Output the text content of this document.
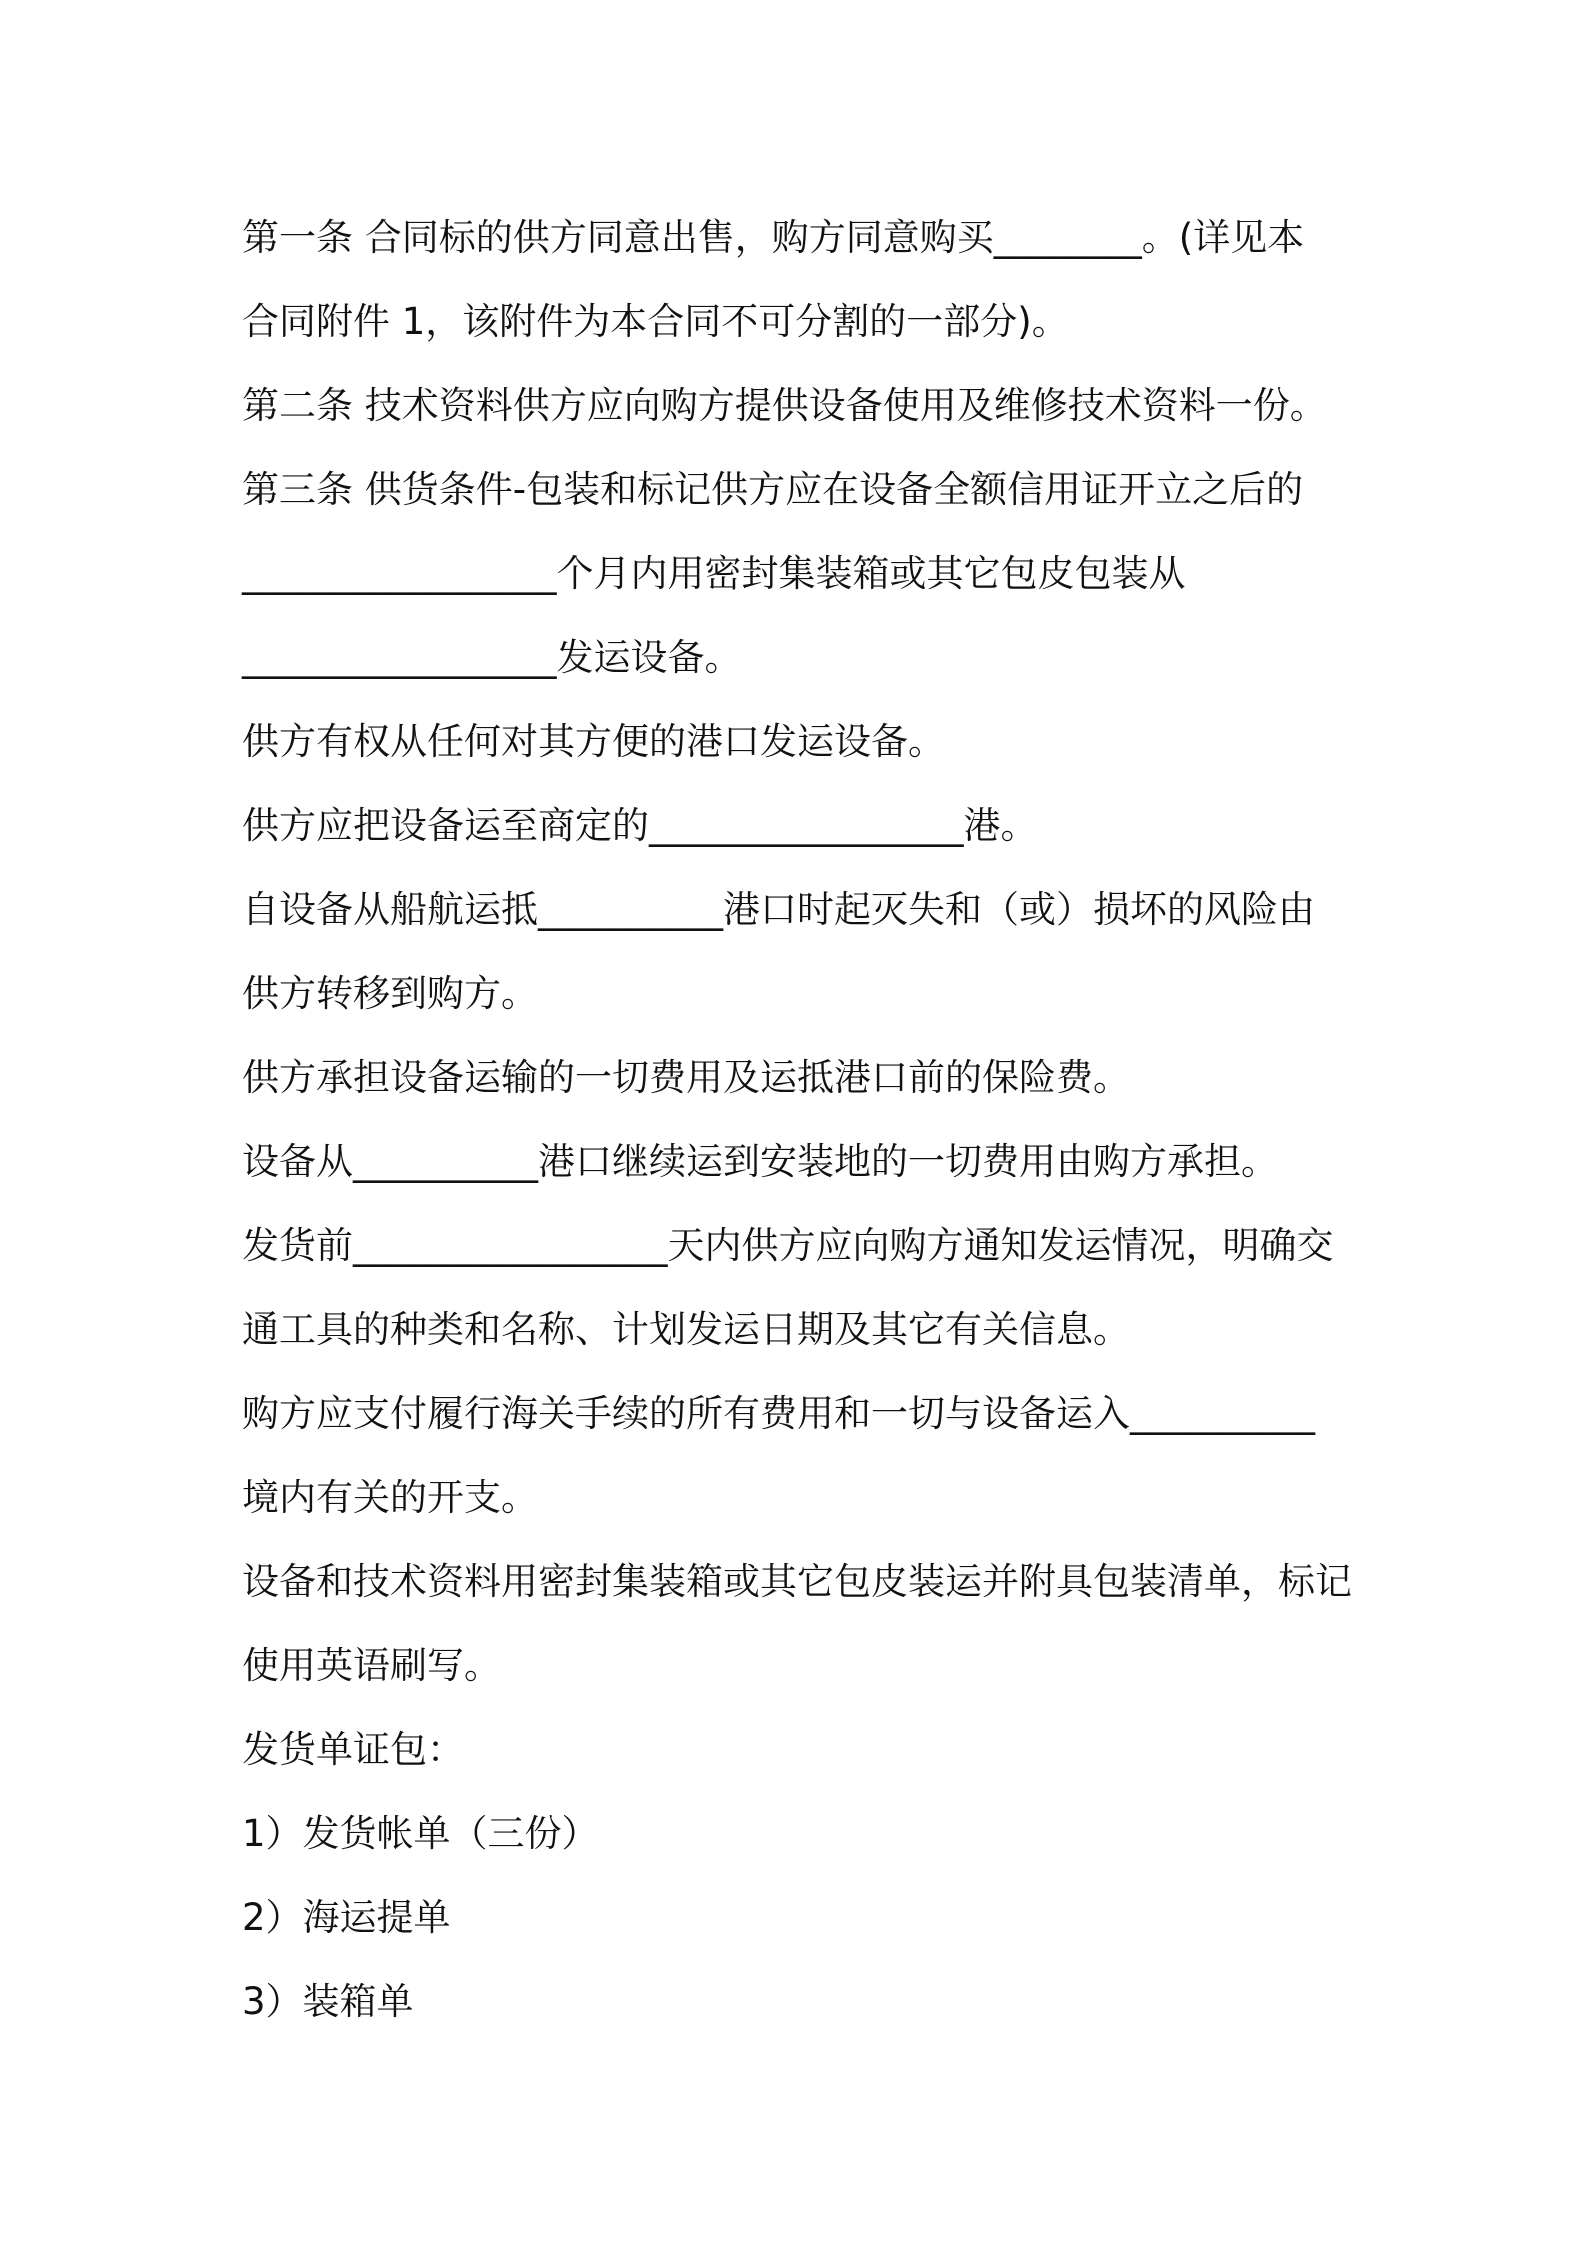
第一条 合同标的供方同意出售，购方同意购买________。(详见本
合同附件 1，该附件为本合同不可分割的一部分)。
第二条 技术资料供方应向购方提供设备使用及维修技术资料一份。
第三条 供货条件-包装和标记供方应在设备全额信用证开立之后的
_________________个月内用密封集装箱或其它包皮包装从
_________________发运设备。
供方有权从任何对其方便的港口发运设备。
供方应把设备运至商定的_________________港。
自设备从船航运抵__________港口时起灭失和（或）损坏的风险由
供方转移到购方。
供方承担设备运输的一切费用及运抵港口前的保险费。
设备从__________港口继续运到安装地的一切费用由购方承担。
发货前_________________天内供方应向购方通知发运情况，明确交
通工具的种类和名称、计划发运日期及其它有关信息。
购方应支付履行海关手续的所有费用和一切与设备运入__________
境内有关的开支。
设备和技术资料用密封集装箱或其它包皮装运并附具包装清单，标记
使用英语刷写。
发货单证包：
1）发货帐单（三份）
2）海运提单
3）装箱单
